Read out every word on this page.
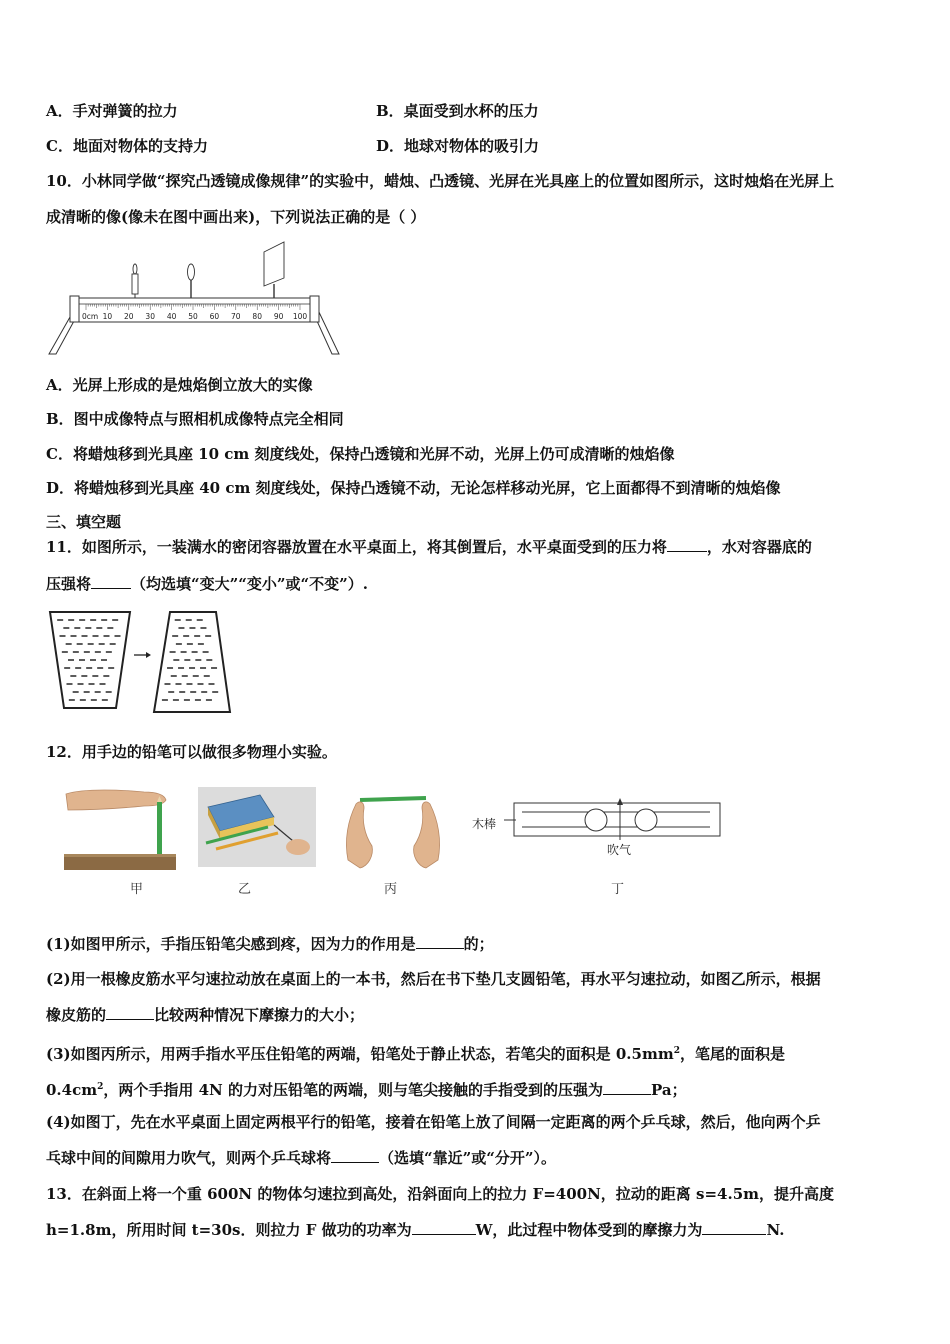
A．手对弹簧的拉力	B．桌面受到水杯的压力
C．地面对物体的支持力	D．地球对物体的吸引力
10．小林同学做“探究凸透镜成像规律”的实验中，蜡烛、凸透镜、光屏在光具座上的位置如图所示，这时烛焰在光屏上
成清晰的像(像未在图中画出来)，下列说法正确的是（ ）
0cm 10 20 30 40 50 60 70 80 90 100
A．光屏上形成的是烛焰倒立放大的实像
B．图中成像特点与照相机成像特点完全相同
C．将蜡烛移到光具座 10 cm 刻度线处，保持凸透镜和光屏不动，光屏上仍可成清晰的烛焰像
D．将蜡烛移到光具座 40 cm 刻度线处，保持凸透镜不动，无论怎样移动光屏，它上面都得不到清晰的烛焰像
三、填空题
11．如图所示，一装满水的密闭容器放置在水平桌面上，将其倒置后，水平桌面受到的压力将	，水对容器底的
压强将	（均选填“变大”“变小”或“不变”）.
12．用手边的铅笔可以做很多物理小实验。
甲	乙	丙
木棒
吹气
丁
(1)如图甲所示，手指压铅笔尖感到疼，因为力的作用是	的；
(2)用一根橡皮筋水平匀速拉动放在桌面上的一本书，然后在书下垫几支圆铅笔，再水平匀速拉动，如图乙所示，根据
橡皮筋的	比较两种情况下摩擦力的大小；
(3)如图丙所示，用两手指水平压住铅笔的两端，铅笔处于静止状态，若笔尖的面积是 $0.5mm^2$，笔尾的面积是
$0.4cm^2$，两个手指用 4N 的力对压铅笔的两端，则与笔尖接触的手指受到的压强为	Pa；
(4)如图丁，先在水平桌面上固定两根平行的铅笔，接着在铅笔上放了间隔一定距离的两个乒乓球，然后，他向两个乒
乓球中间的间隙用力吹气，则两个乒乓球将	（选填“靠近”或“分开”）。
13．在斜面上将一个重 600N 的物体匀速拉到高处，沿斜面向上的拉力 F=400N，拉动的距离 s=4.5m，提升高度
h=1.8m，所用时间 t=30s．则拉力 F 做功的功率为	W，此过程中物体受到的摩擦力为	N.
